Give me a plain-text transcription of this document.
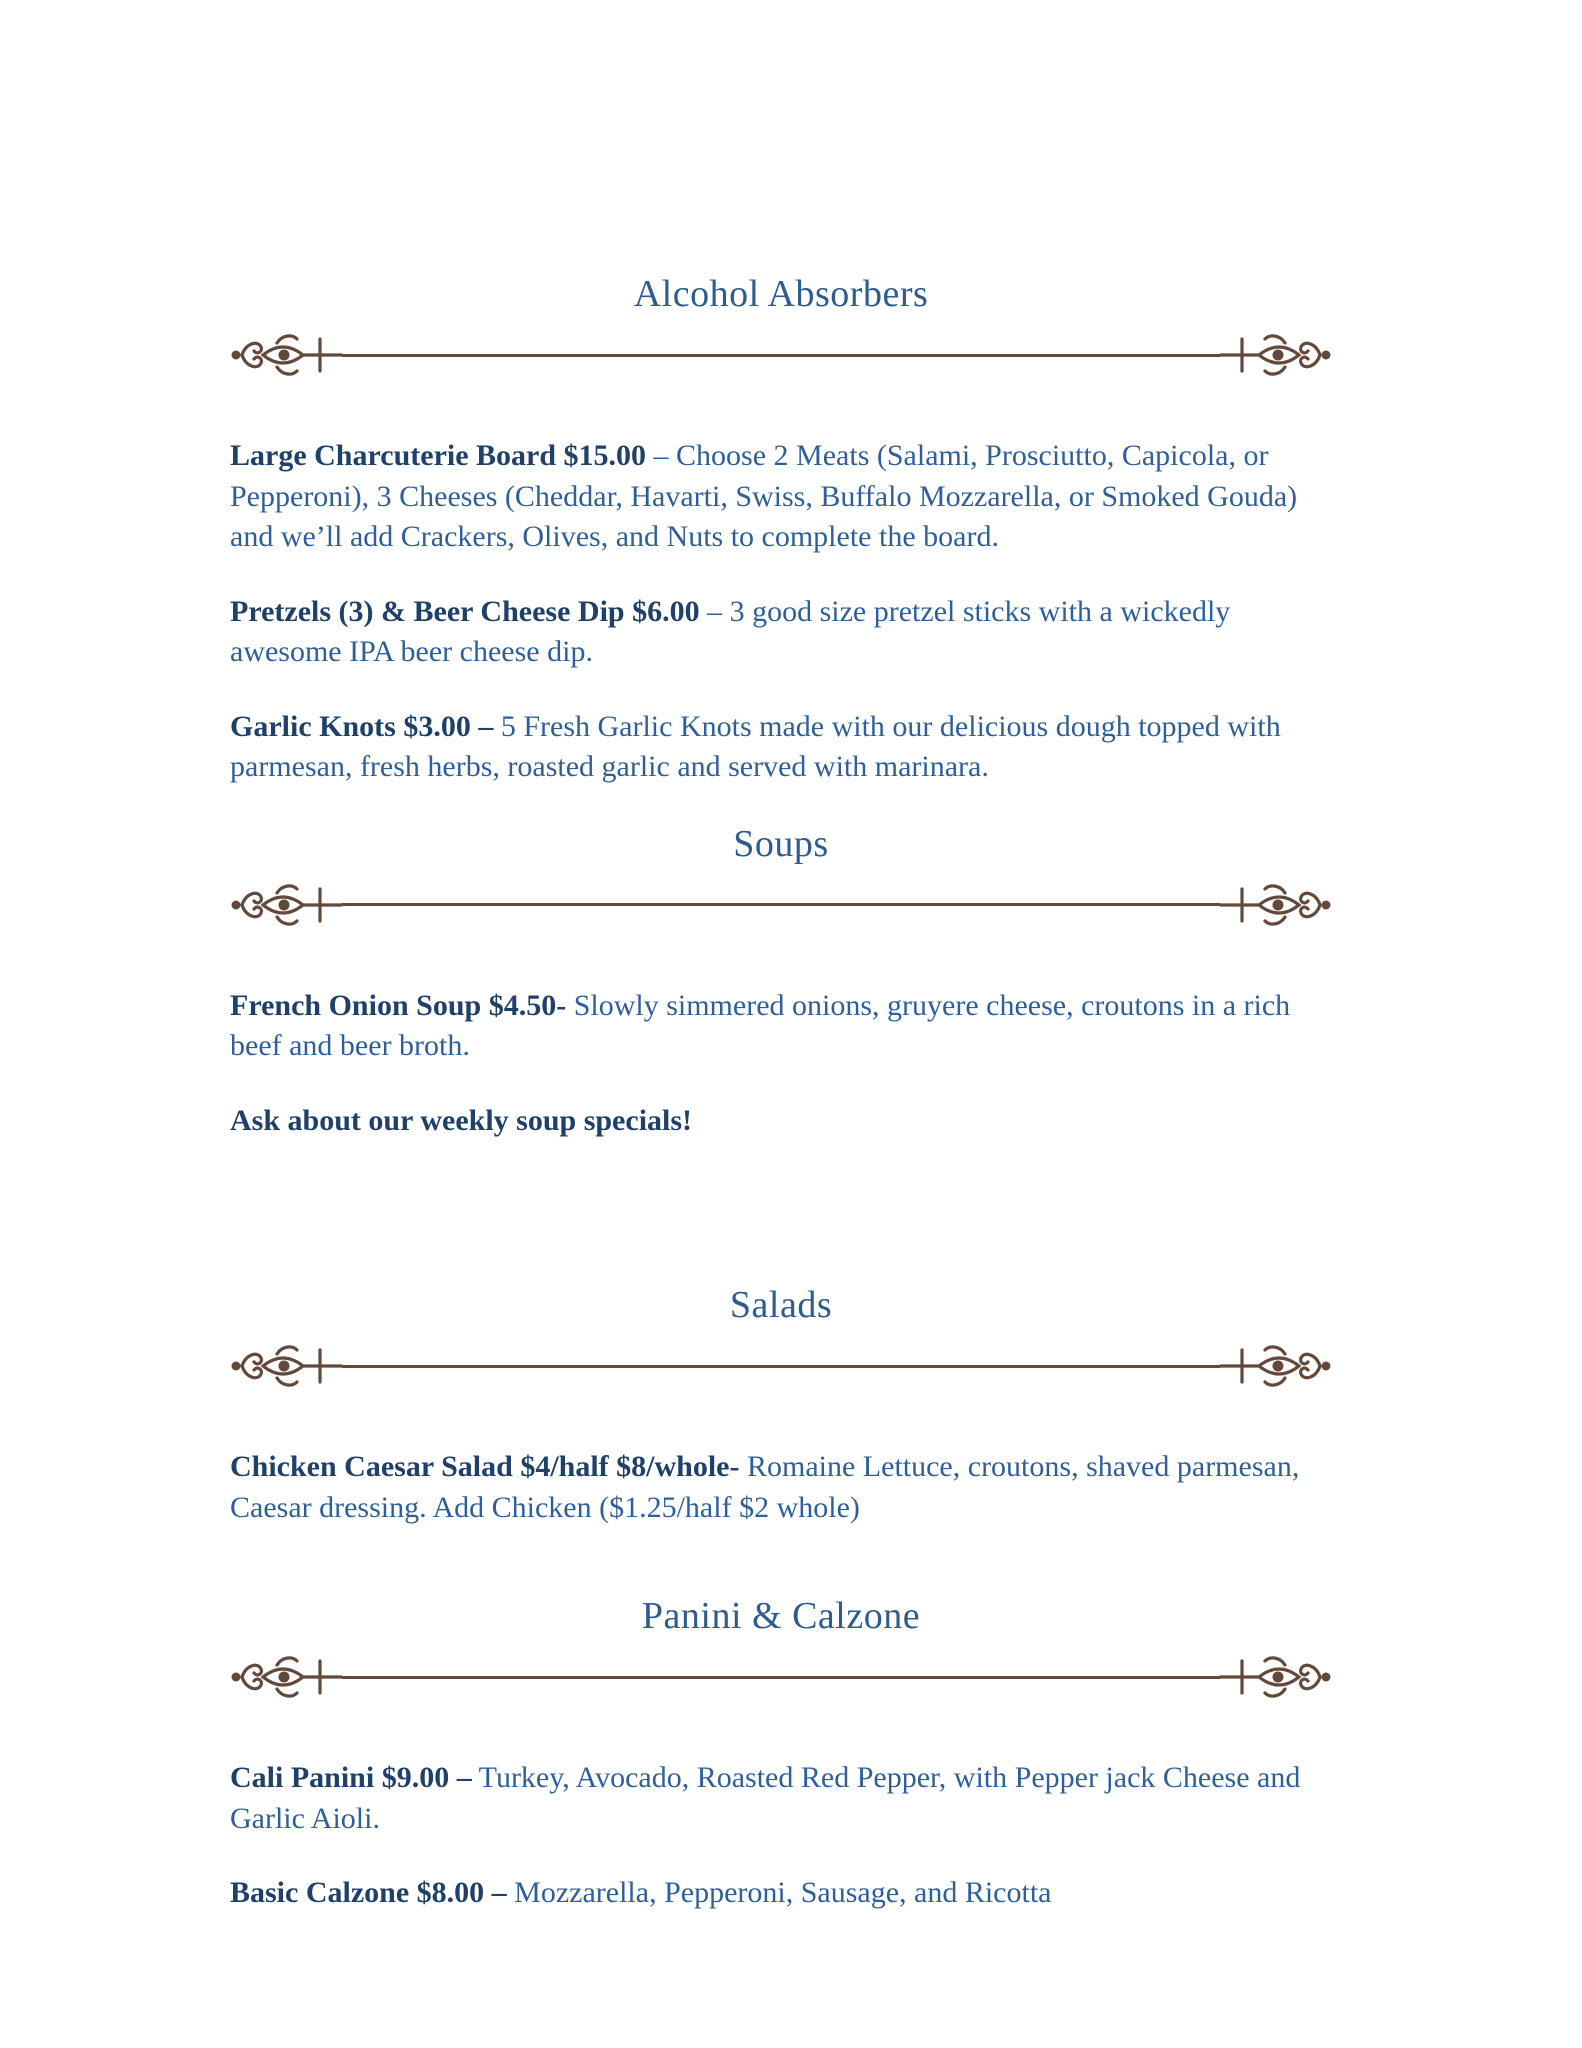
Alcohol Absorbers

Large Charcuterie Board $15.00 – Choose 2 Meats (Salami, Prosciutto, Capicola, or Pepperoni), 3 Cheeses (Cheddar, Havarti, Swiss, Buffalo Mozzarella, or Smoked Gouda) and we’ll add Crackers, Olives, and Nuts to complete the board.

Pretzels (3) & Beer Cheese Dip $6.00 – 3 good size pretzel sticks with a wickedly awesome IPA beer cheese dip.

Garlic Knots $3.00 – 5 Fresh Garlic Knots made with our delicious dough topped with parmesan, fresh herbs, roasted garlic and served with marinara.

Soups

French Onion Soup $4.50- Slowly simmered onions, gruyere cheese, croutons in a rich beef and beer broth.

Ask about our weekly soup specials!

Salads

Chicken Caesar Salad $4/half $8/whole- Romaine Lettuce, croutons, shaved parmesan, Caesar dressing. Add Chicken ($1.25/half $2 whole)

Panini & Calzone

Cali Panini $9.00 – Turkey, Avocado, Roasted Red Pepper, with Pepper jack Cheese and Garlic Aioli.

Basic Calzone $8.00 – Mozzarella, Pepperoni, Sausage, and Ricotta
